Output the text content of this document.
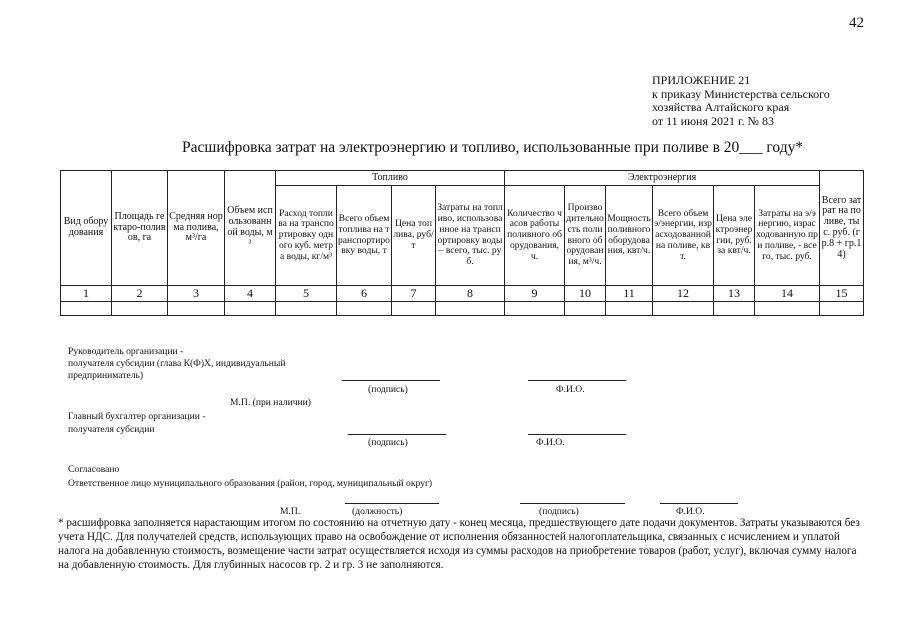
42
ПРИЛОЖЕНИЕ 21
к приказу Министерства сельского
хозяйства Алтайского края
от 11 июня 2021 г. № 83
Расшифровка затрат на электроэнергию и топливо, использованные при поливе в 20___ году*
Вид оборудования	Площадь гектаро-поливов, га	Средняя норма полива, м³/га	Объем использованной воды, м³	Топливо				Электроэнергия						Всего затрат на поливе, тыс. руб. (гр.8 + гр.14)
				Расход топлива на транспортировку одного куб. метра воды, кг/м³	Всего объем топлива на транспортировку воды, т	Цена топлива, руб/т	Затраты на топливо, использованное на транспортировку воды – всего, тыс. руб.	Количество часов работы поливного оборудования, ч.	Производительность поливного оборудования, м³/ч.	Мощность поливного оборудования, квт/ч.	Всего объем э/энергии, израсходованной на поливе, квт.	Цена электроэнергии, руб. за квт/ч.	Затраты на э/энергию, израсходованную при поливе, - всего, тыс. руб.	
1	2	3	4	5	6	7	8	9	10	11	12	13	14	15

Руководитель организации -
получателя субсидии (глава К(Ф)Х, индивидуальный
предприниматель)
(подпись)	Ф.И.О.
М.П. (при наличии)
Главный бухгалтер организации -
получателя субсидии
(подпись)	Ф.И.О.
Согласовано
Ответственное лицо муниципального образования (район, город, муниципальный округ)
М.П.	(должность)	(подпись)	Ф.И.О.
* расшифровка заполняется нарастающим итогом по состоянию на отчетную дату - конец месяца, предшествующего дате подачи документов. Затраты указываются без учета НДС. Для получателей средств, использующих право на освобождение от исполнения обязанностей налогоплательщика, связанных с исчислением и уплатой налога на добавленную стоимость, возмещение части затрат осуществляется исходя из суммы расходов на приобретение товаров (работ, услуг), включая сумму налога на добавленную стоимость. Для глубинных насосов гр. 2 и гр. 3 не заполняются.
